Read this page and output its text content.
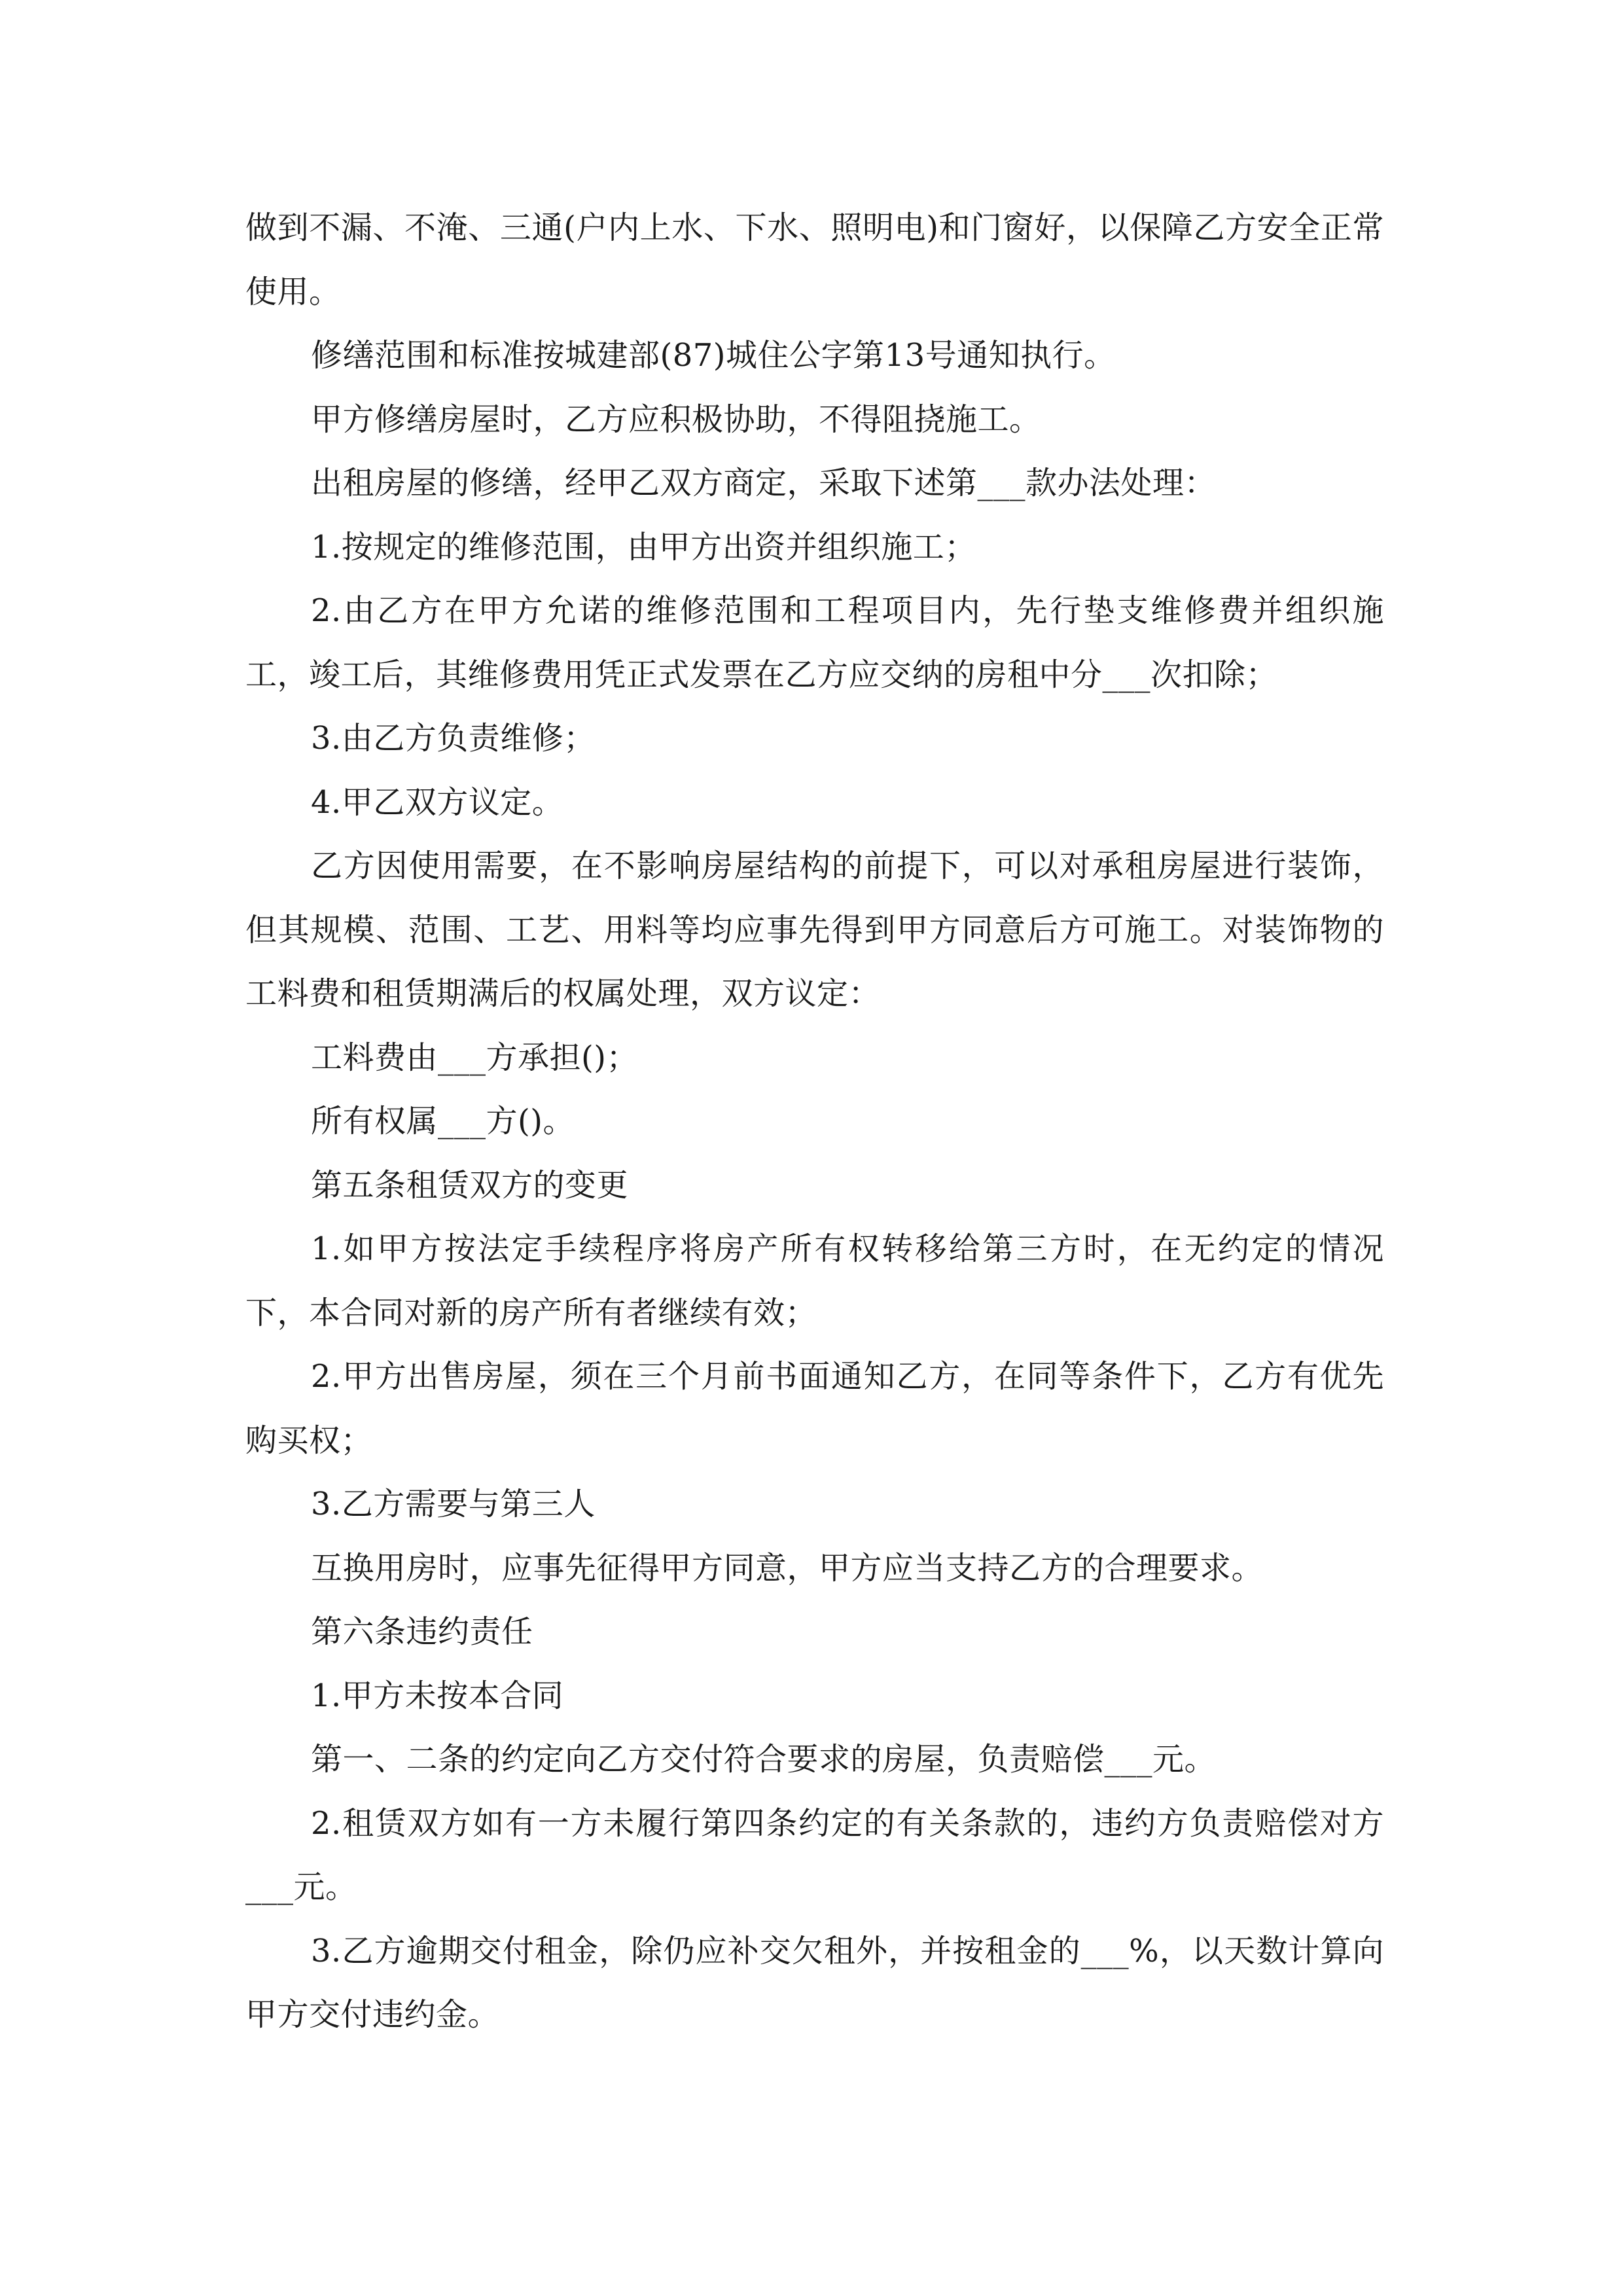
做到不漏、不淹、三通(户内上水、下水、照明电)和门窗好，以保障乙方安全正常使用。

修缮范围和标准按城建部(87)城住公字第13号通知执行。

甲方修缮房屋时，乙方应积极协助，不得阻挠施工。

出租房屋的修缮，经甲乙双方商定，采取下述第___款办法处理：

1.按规定的维修范围，由甲方出资并组织施工；

2.由乙方在甲方允诺的维修范围和工程项目内，先行垫支维修费并组织施工，竣工后，其维修费用凭正式发票在乙方应交纳的房租中分___次扣除；

3.由乙方负责维修；

4.甲乙双方议定。

乙方因使用需要，在不影响房屋结构的前提下，可以对承租房屋进行装饰，但其规模、范围、工艺、用料等均应事先得到甲方同意后方可施工。对装饰物的工料费和租赁期满后的权属处理，双方议定：

工料费由___方承担()；

所有权属___方()。

第五条租赁双方的变更

1.如甲方按法定手续程序将房产所有权转移给第三方时，在无约定的情况下，本合同对新的房产所有者继续有效；

2.甲方出售房屋，须在三个月前书面通知乙方，在同等条件下，乙方有优先购买权；

3.乙方需要与第三人

互换用房时，应事先征得甲方同意，甲方应当支持乙方的合理要求。

第六条违约责任

1.甲方未按本合同

第一、二条的约定向乙方交付符合要求的房屋，负责赔偿___元。

2.租赁双方如有一方未履行第四条约定的有关条款的，违约方负责赔偿对方___元。

3.乙方逾期交付租金，除仍应补交欠租外，并按租金的___%，以天数计算向甲方交付违约金。
